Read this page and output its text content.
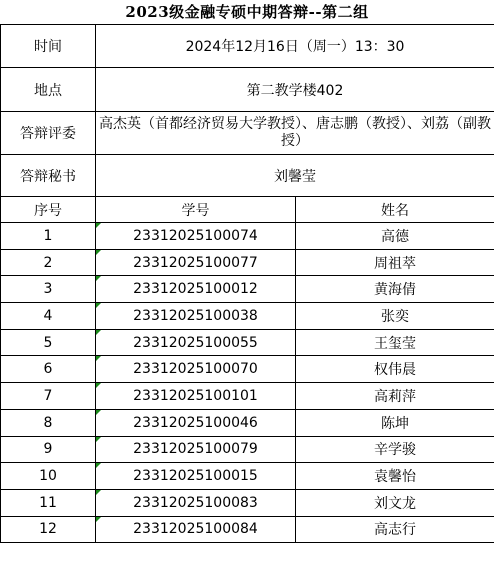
2023级金融专硕中期答辩--第二组
时间	2024年12月16日（周一）13：30	
地点	第二教学楼402	
答辩评委	高杰英（首都经济贸易大学教授）、唐志鹏（教授）、刘荔（副教授）	
答辩秘书	刘馨莹	
序号	学号	姓名
1	23312025100074	高德
2	23312025100077	周祖萃
3	23312025100012	黄海倩
4	23312025100038	张奕
5	23312025100055	王玺莹
6	23312025100070	权伟晨
7	23312025100101	高莉萍
8	23312025100046	陈坤
9	23312025100079	辛学骏
10	23312025100015	袁馨怡
11	23312025100083	刘文龙
12	23312025100084	高志行
